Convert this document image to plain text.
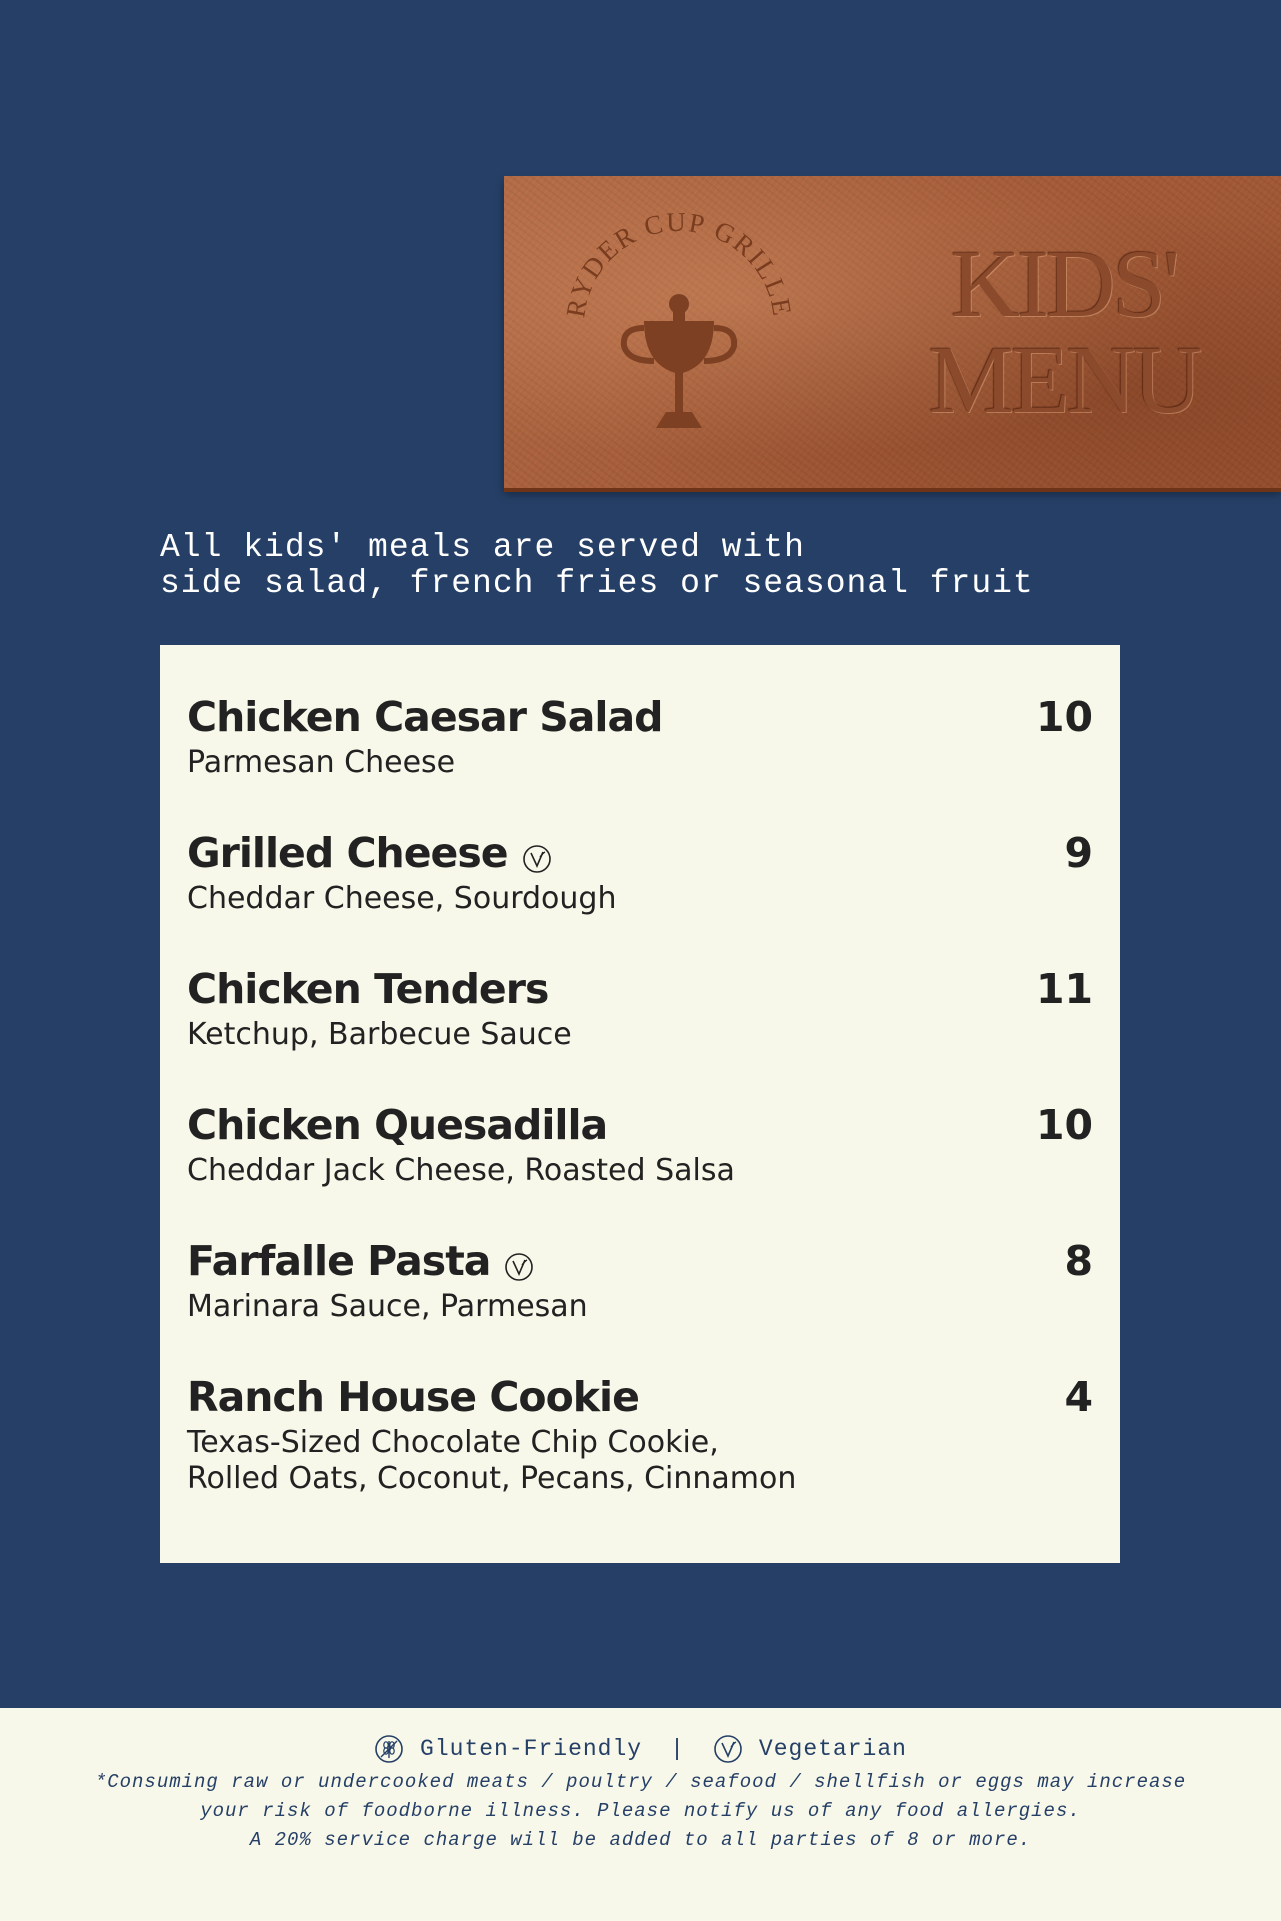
RYDER CUP GRILLE	KIDS'
MENU
All kids' meals are served with
side salad, french fries or seasonal fruit
Chicken Caesar Salad	10
Parmesan Cheese
Grilled Cheese	9
Cheddar Cheese, Sourdough
Chicken Tenders	11
Ketchup, Barbecue Sauce
Chicken Quesadilla	10
Cheddar Jack Cheese, Roasted Salsa
Farfalle Pasta	8
Marinara Sauce, Parmesan
Ranch House Cookie	4
Texas-Sized Chocolate Chip Cookie,
Rolled Oats, Coconut, Pecans, Cinnamon
Gluten-Friendly |	Vegetarian
*Consuming raw or undercooked meats / poultry / seafood / shellfish or eggs may increase
your risk of foodborne illness. Please notify us of any food allergies.
A 20% service charge will be added to all parties of 8 or more.
